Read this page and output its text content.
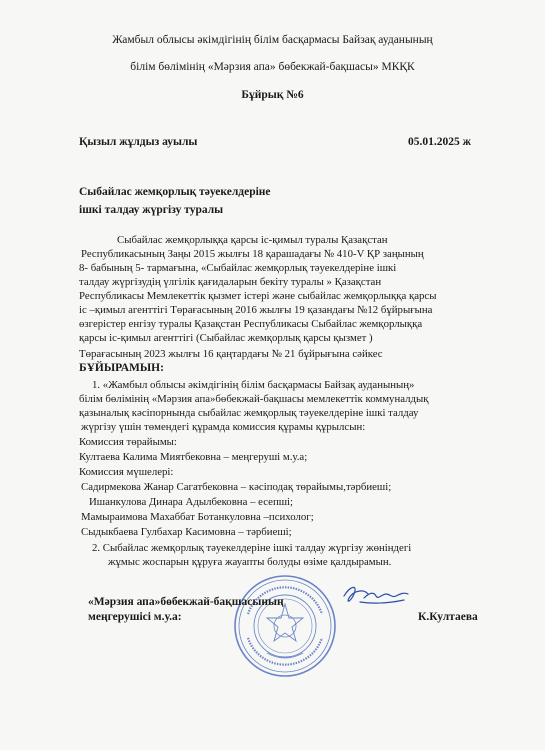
Жамбыл облысы әкімдігінің білім басқармасы Байзақ ауданының
білім бөлімінің «Мәрзия апа» бөбекжай-бақшасы» МКҚК
Бұйрық №6
Қызыл жұлдыз ауылы	05.01.2025 ж
Сыбайлас жемқорлық тәуекелдеріне
ішкі талдау жүргізу туралы
Сыбайлас жемқорлыққа қарсы іс-қимыл туралы Қазақстан
Республикасының Заңы 2015 жылғы 18 қарашадағы № 410-V ҚР заңының
8- бабының 5- тармағына, «Сыбайлас жемқорлық тәуекелдеріне ішкі
талдау жүргізудің үлгілік қағидаларын бекіту туралы » Қазақстан
Республикасы Мемлекеттік қызмет істері және сыбайлас жемқорлыққа қарсы
іс –қимыл агенттігі Төрағасының 2016 жылғы 19 қазандағы №12 бұйрығына
өзгерістер енгізу туралы Қазақстан Республикасы Сыбайлас жемқорлыққа
қарсы іс-қимыл агенттігі (Сыбайлас жемқорлық қарсы қызмет )
Төрағасының 2023 жылғы 16 қаңтардағы № 21 бұйрығына сәйкес
БҰЙЫРАМЫН:
1. «Жамбыл облысы әкімдігінің білім басқармасы Байзақ ауданының»
білім бөлімінің «Мәрзия апа»бөбекжай-бақшасы мемлекеттік коммуналдық
қазыналық кәсіпорнында сыбайлас жемқорлық тәуекелдеріне ішкі талдау
жүргізу үшін төмендегі құрамда комиссия құрамы құрылсын:
Комиссия төрайымы:
Култаева Калима Миятбековна – меңгеруші м.у.а;
Комиссия мүшелері:
Садирмекова Жанар Сагатбековна – кәсіподақ төрайымы,тәрбиеші;
Ишанкулова Динара Адылбековна – есепші;
Мамырaимова Махаббат Ботанкуловна –психолог;
Сыдыкбаева Гулбахар Касимовна – тәрбиеші;
2. Сыбайлас жемқорлық тәуекелдеріне ішкі талдау жүргізу жөніндегі
жұмыс жоспарын құруға жауапты болуды өзіме қалдырамын.
«Мәрзия апа»бөбекжай-бақшасының
меңгерушісі м.у.а:	К.Култаева
